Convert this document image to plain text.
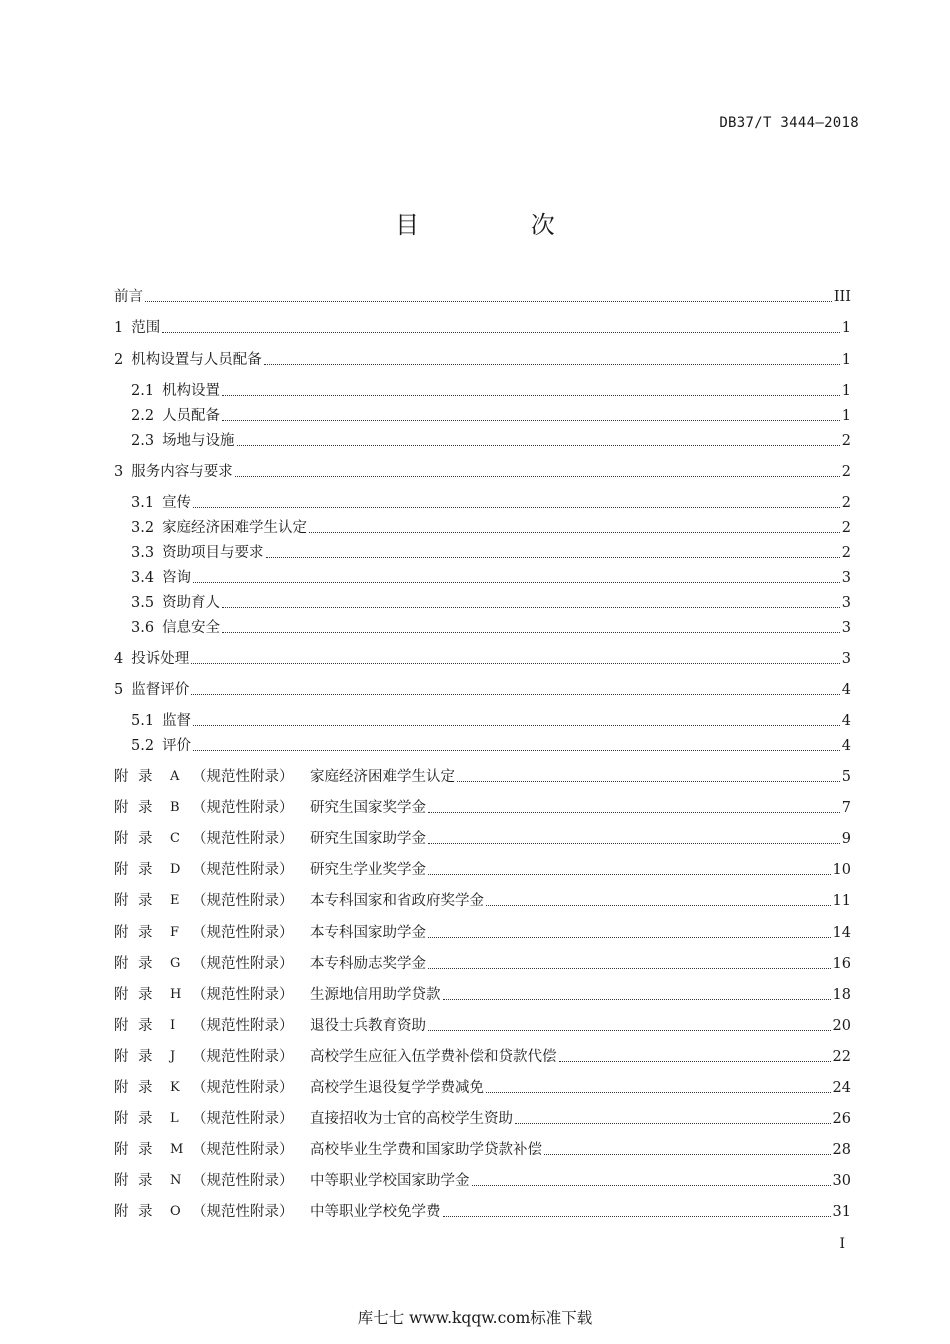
DB37/T 3444—2018
目 次
前言	III
1 范围	1
2 机构设置与人员配备	1
2.1 机构设置	1
2.2 人员配备	1
2.3 场地与设施	2
3 服务内容与要求	2
3.1 宣传	2
3.2 家庭经济困难学生认定	2
3.3 资助项目与要求	2
3.4 咨询	3
3.5 资助育人	3
3.6 信息安全	3
4 投诉处理	3
5 监督评价	4
5.1 监督	4
5.2 评价	4
附 录	A （规范性附录）	家庭经济困难学生认定	5
附 录	B （规范性附录）	研究生国家奖学金	7
附 录	C （规范性附录）	研究生国家助学金	9
附 录	D （规范性附录）	研究生学业奖学金	10
附 录	E （规范性附录）	本专科国家和省政府奖学金	11
附 录	F （规范性附录）	本专科国家助学金	14
附 录	G （规范性附录）	本专科励志奖学金	16
附 录	H （规范性附录）	生源地信用助学贷款	18
附 录	I	（规范性附录）	退役士兵教育资助	20
附 录	J	（规范性附录）	高校学生应征入伍学费补偿和贷款代偿	22
附 录	K （规范性附录）	高校学生退役复学学费减免	24
附 录	L （规范性附录）	直接招收为士官的高校学生资助	26
附 录	M （规范性附录）	高校毕业生学费和国家助学贷款补偿	28
附 录	N （规范性附录）	中等职业学校国家助学金	30
附 录	O （规范性附录）	中等职业学校免学费	31
I
库七七 www.kqqw.com标准下载
